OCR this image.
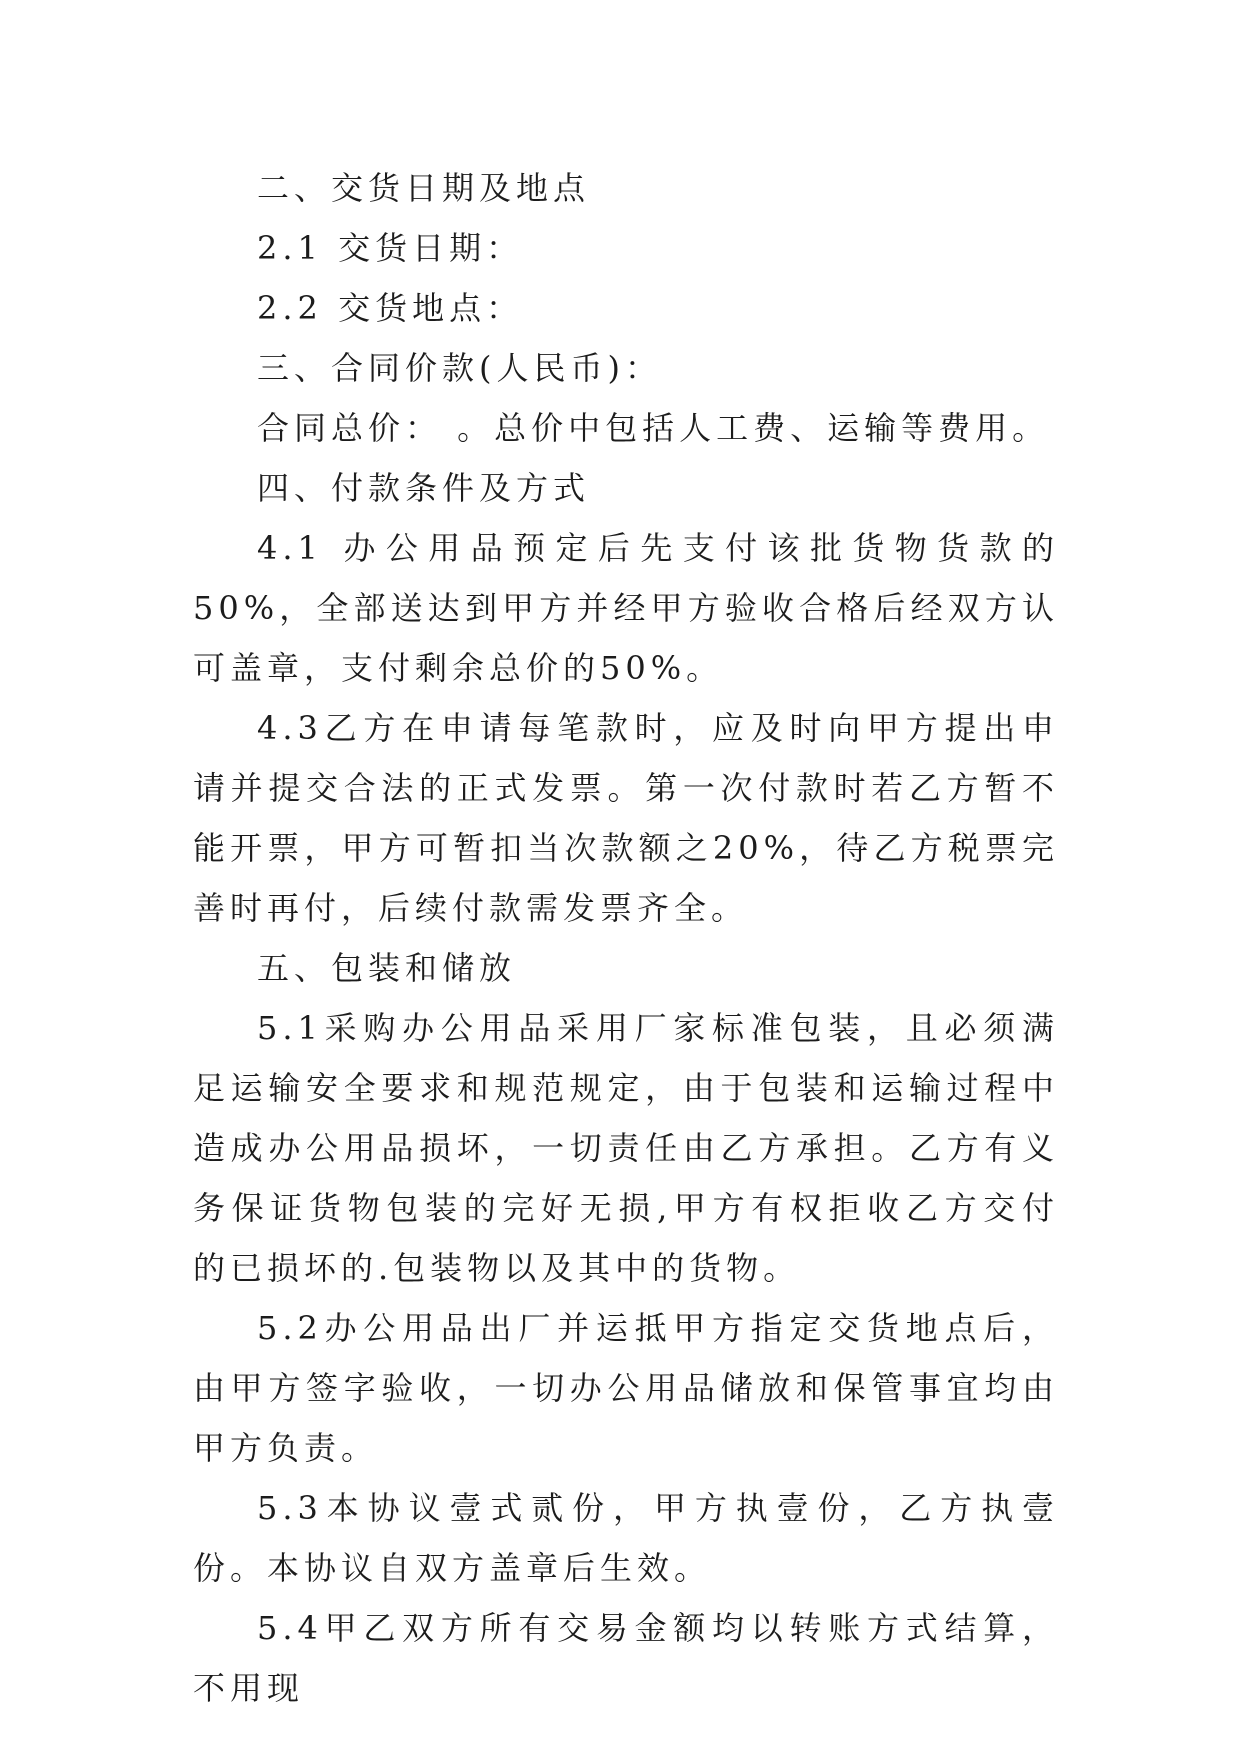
二、交货日期及地点

2.1 交货日期：

2.2 交货地点：

三、合同价款(人民币)：

合同总价： 。总价中包括人工费、运输等费用。

四、付款条件及方式

4.1 办公用品预定后先支付该批货物货款的50%，全部送达到甲方并经甲方验收合格后经双方认可盖章，支付剩余总价的50%。

4.3乙方在申请每笔款时，应及时向甲方提出申请并提交合法的正式发票。第一次付款时若乙方暂不能开票，甲方可暂扣当次款额之20%，待乙方税票完善时再付，后续付款需发票齐全。

五、包装和储放

5.1采购办公用品采用厂家标准包装，且必须满足运输安全要求和规范规定，由于包装和运输过程中造成办公用品损坏，一切责任由乙方承担。乙方有义务保证货物包装的完好无损,甲方有权拒收乙方交付的已损坏的.包装物以及其中的货物。

5.2办公用品出厂并运抵甲方指定交货地点后，由甲方签字验收，一切办公用品储放和保管事宜均由甲方负责。

5.3本协议壹式贰份，甲方执壹份，乙方执壹份。本协议自双方盖章后生效。

5.4甲乙双方所有交易金额均以转账方式结算，不用现
